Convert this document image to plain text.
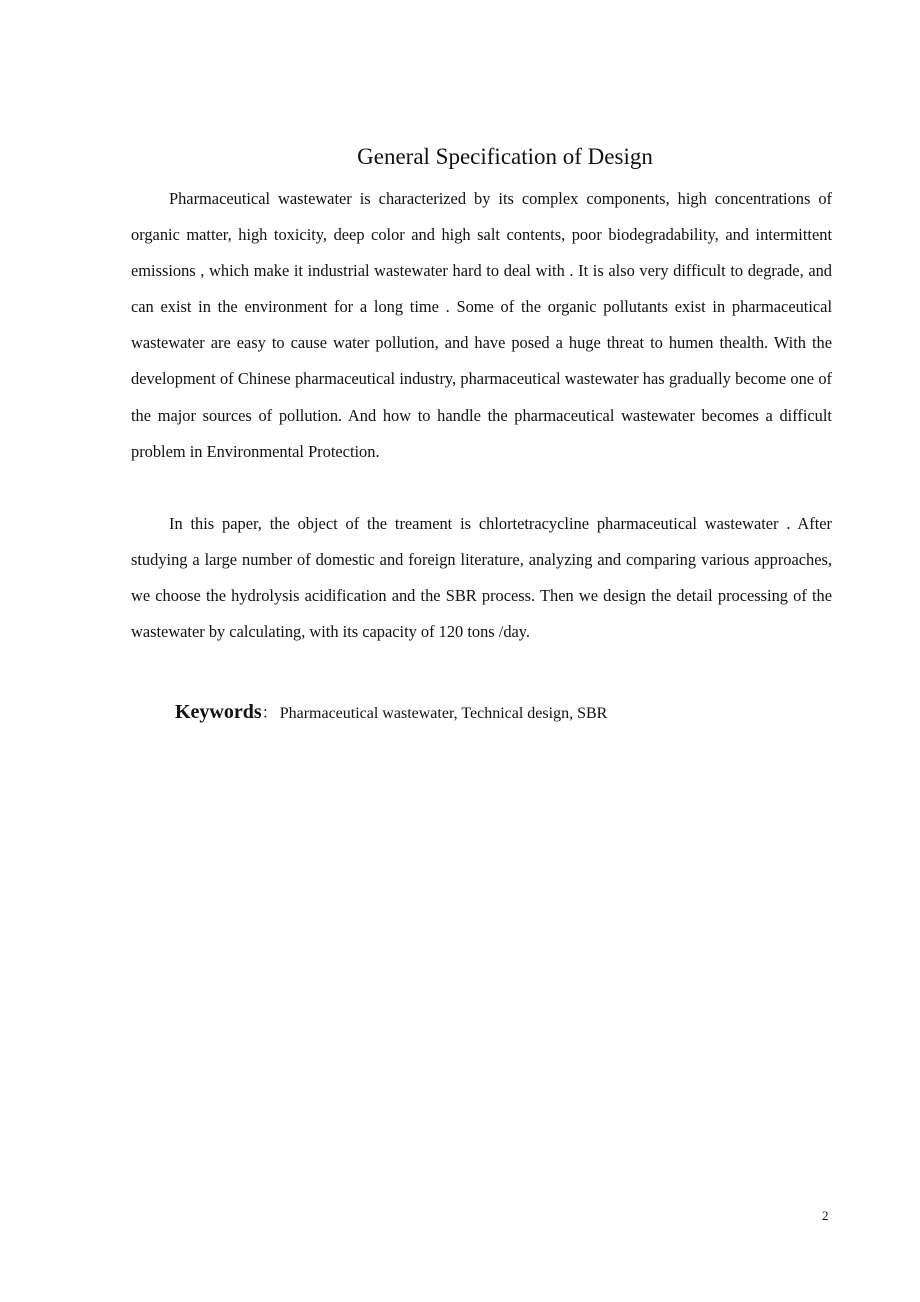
General Specification of Design

Pharmaceutical wastewater is characterized by its complex components, high concentrations of organic matter, high toxicity, deep color and high salt contents, poor biodegradability, and intermittent emissions , which make it industrial wastewater hard to deal with . It is also very difficult to degrade, and can exist in the environment for a long time . Some of the organic pollutants exist in pharmaceutical wastewater are easy to cause water pollution, and have posed a huge threat to humen thealth. With the development of Chinese pharmaceutical industry, pharmaceutical wastewater has gradually become one of the major sources of pollution. And how to handle the pharmaceutical wastewater becomes a difficult problem in Environmental Protection.

In this paper, the object of the treament is chlortetracycline pharmaceutical wastewater . After studying a large number of domestic and foreign literature, analyzing and comparing various approaches, we choose the hydrolysis acidification and the SBR process. Then we design the detail processing of the wastewater by calculating, with its capacity of 120 tons /day.

Keywords： Pharmaceutical wastewater, Technical design, SBR
2
